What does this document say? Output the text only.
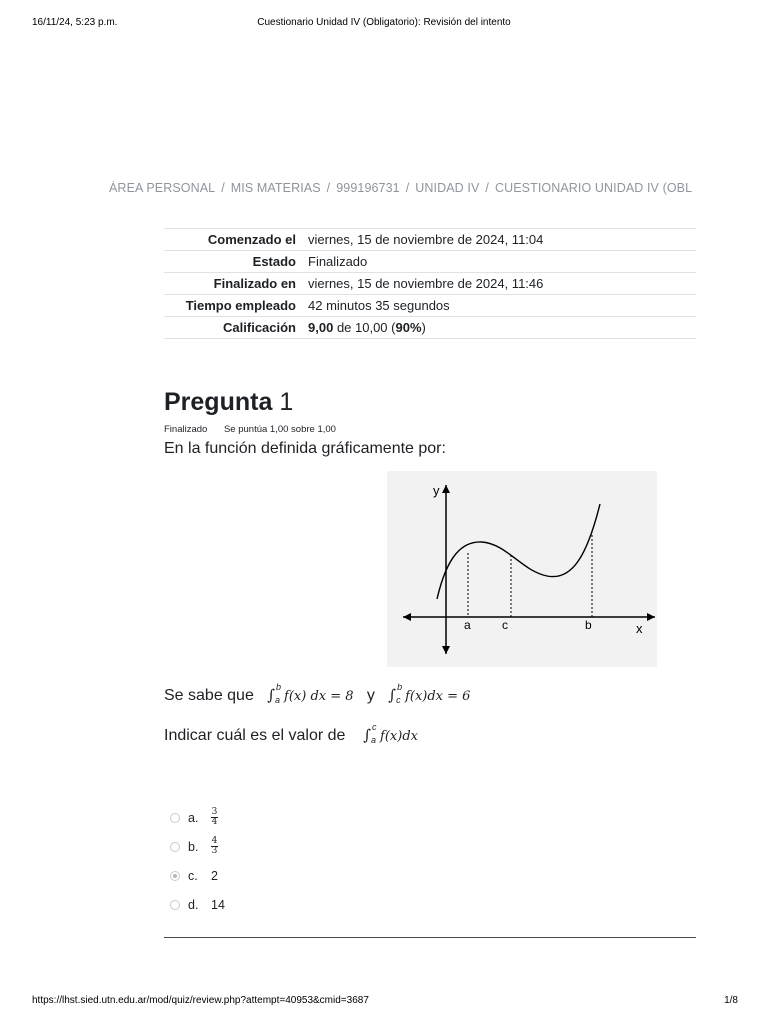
16/11/24, 5:23 p.m.	Cuestionario Unidad IV (Obligatorio): Revisión del intento
ÁREA PERSONAL / MIS MATERIAS / 999196731 / UNIDAD IV / CUESTIONARIO UNIDAD IV (OBL
Comenzado el	viernes, 15 de noviembre de 2024, 11:04
Estado	Finalizado
Finalizado en	viernes, 15 de noviembre de 2024, 11:46
Tiempo empleado	42 minutos 35 segundos
Calificación	9,00 de 10,00 (90%)
Pregunta 1
Finalizado Se puntúa 1,00 sobre 1,00
En la función definida gráficamente por:
y
x
a	c	b
Se sabe que ∫ b
a f(x) dx = 8 y ∫ b
c f(x)dx = 6
Indicar cuál es el valor de ∫ c
a f(x)dx
a.	$\frac{3}{4}$
b.	$\frac{4}{3}$
c.	2
d.	14
https://lhst.sied.utn.edu.ar/mod/quiz/review.php?attempt=40953&cmid=3687	1/8
